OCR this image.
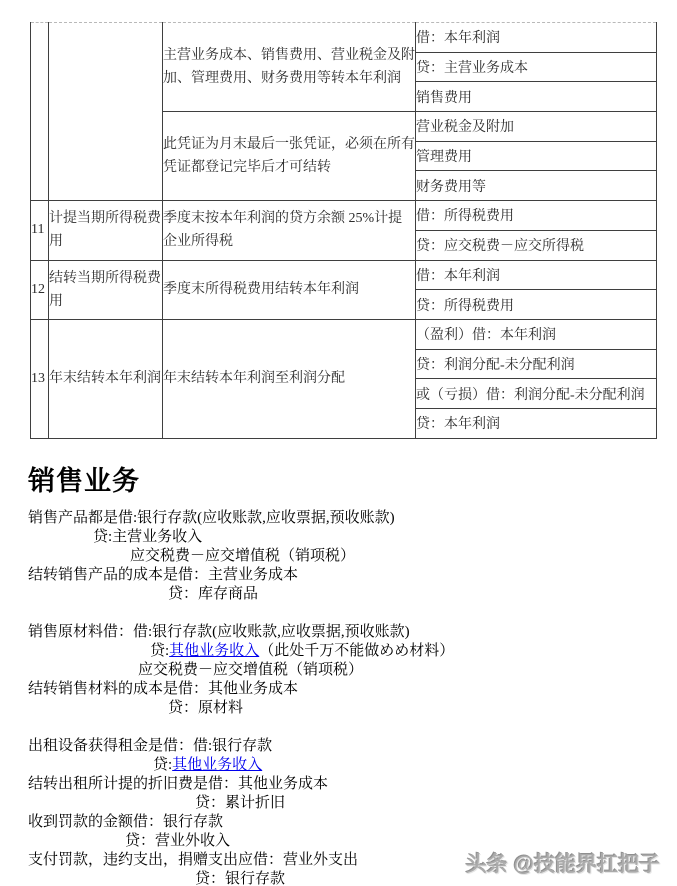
		主营业务成本、销售费用、营业税金及附加、管理费用、财务费用等转本年利润	借：本年利润
			贷：主营业务成本
			销售费用
		此凭证为月末最后一张凭证，必须在所有凭证都登记完毕后才可结转	营业税金及附加
			管理费用
			财务费用等
11	计提当期所得税费用	季度末按本年利润的贷方余额 25%计提企业所得税	借：所得税费用
			贷：应交税费－应交所得税
12	结转当期所得税费用	季度末所得税费用结转本年利润	借：本年利润
			贷：所得税费用
13	年末结转本年利润	年末结转本年利润至利润分配	（盈利）借：本年利润
			贷：利润分配-未分配利润
			或（亏损）借：利润分配-未分配利润
			贷：本年利润
销售业务
销售产品都是借:银行存款(应收账款,应收票据,预收账款)
贷:主营业务收入
应交税费－应交增值税（销项税）
结转销售产品的成本是借：主营业务成本
贷：库存商品
销售原材料借：借:银行存款(应收账款,应收票据,预收账款)
贷:其他业务收入（此处千万不能做めめ材料）
应交税费－应交增值税（销项税）
结转销售材料的成本是借：其他业务成本
贷：原材料
出租设备获得租金是借：借:银行存款
贷:其他业务收入
结转出租所计提的折旧费是借：其他业务成本
贷：累计折旧
收到罚款的金额借：银行存款
贷：营业外收入
支付罚款，违约支出，捐赠支出应借：营业外支出
贷：银行存款
头条 @技能界扛把子
